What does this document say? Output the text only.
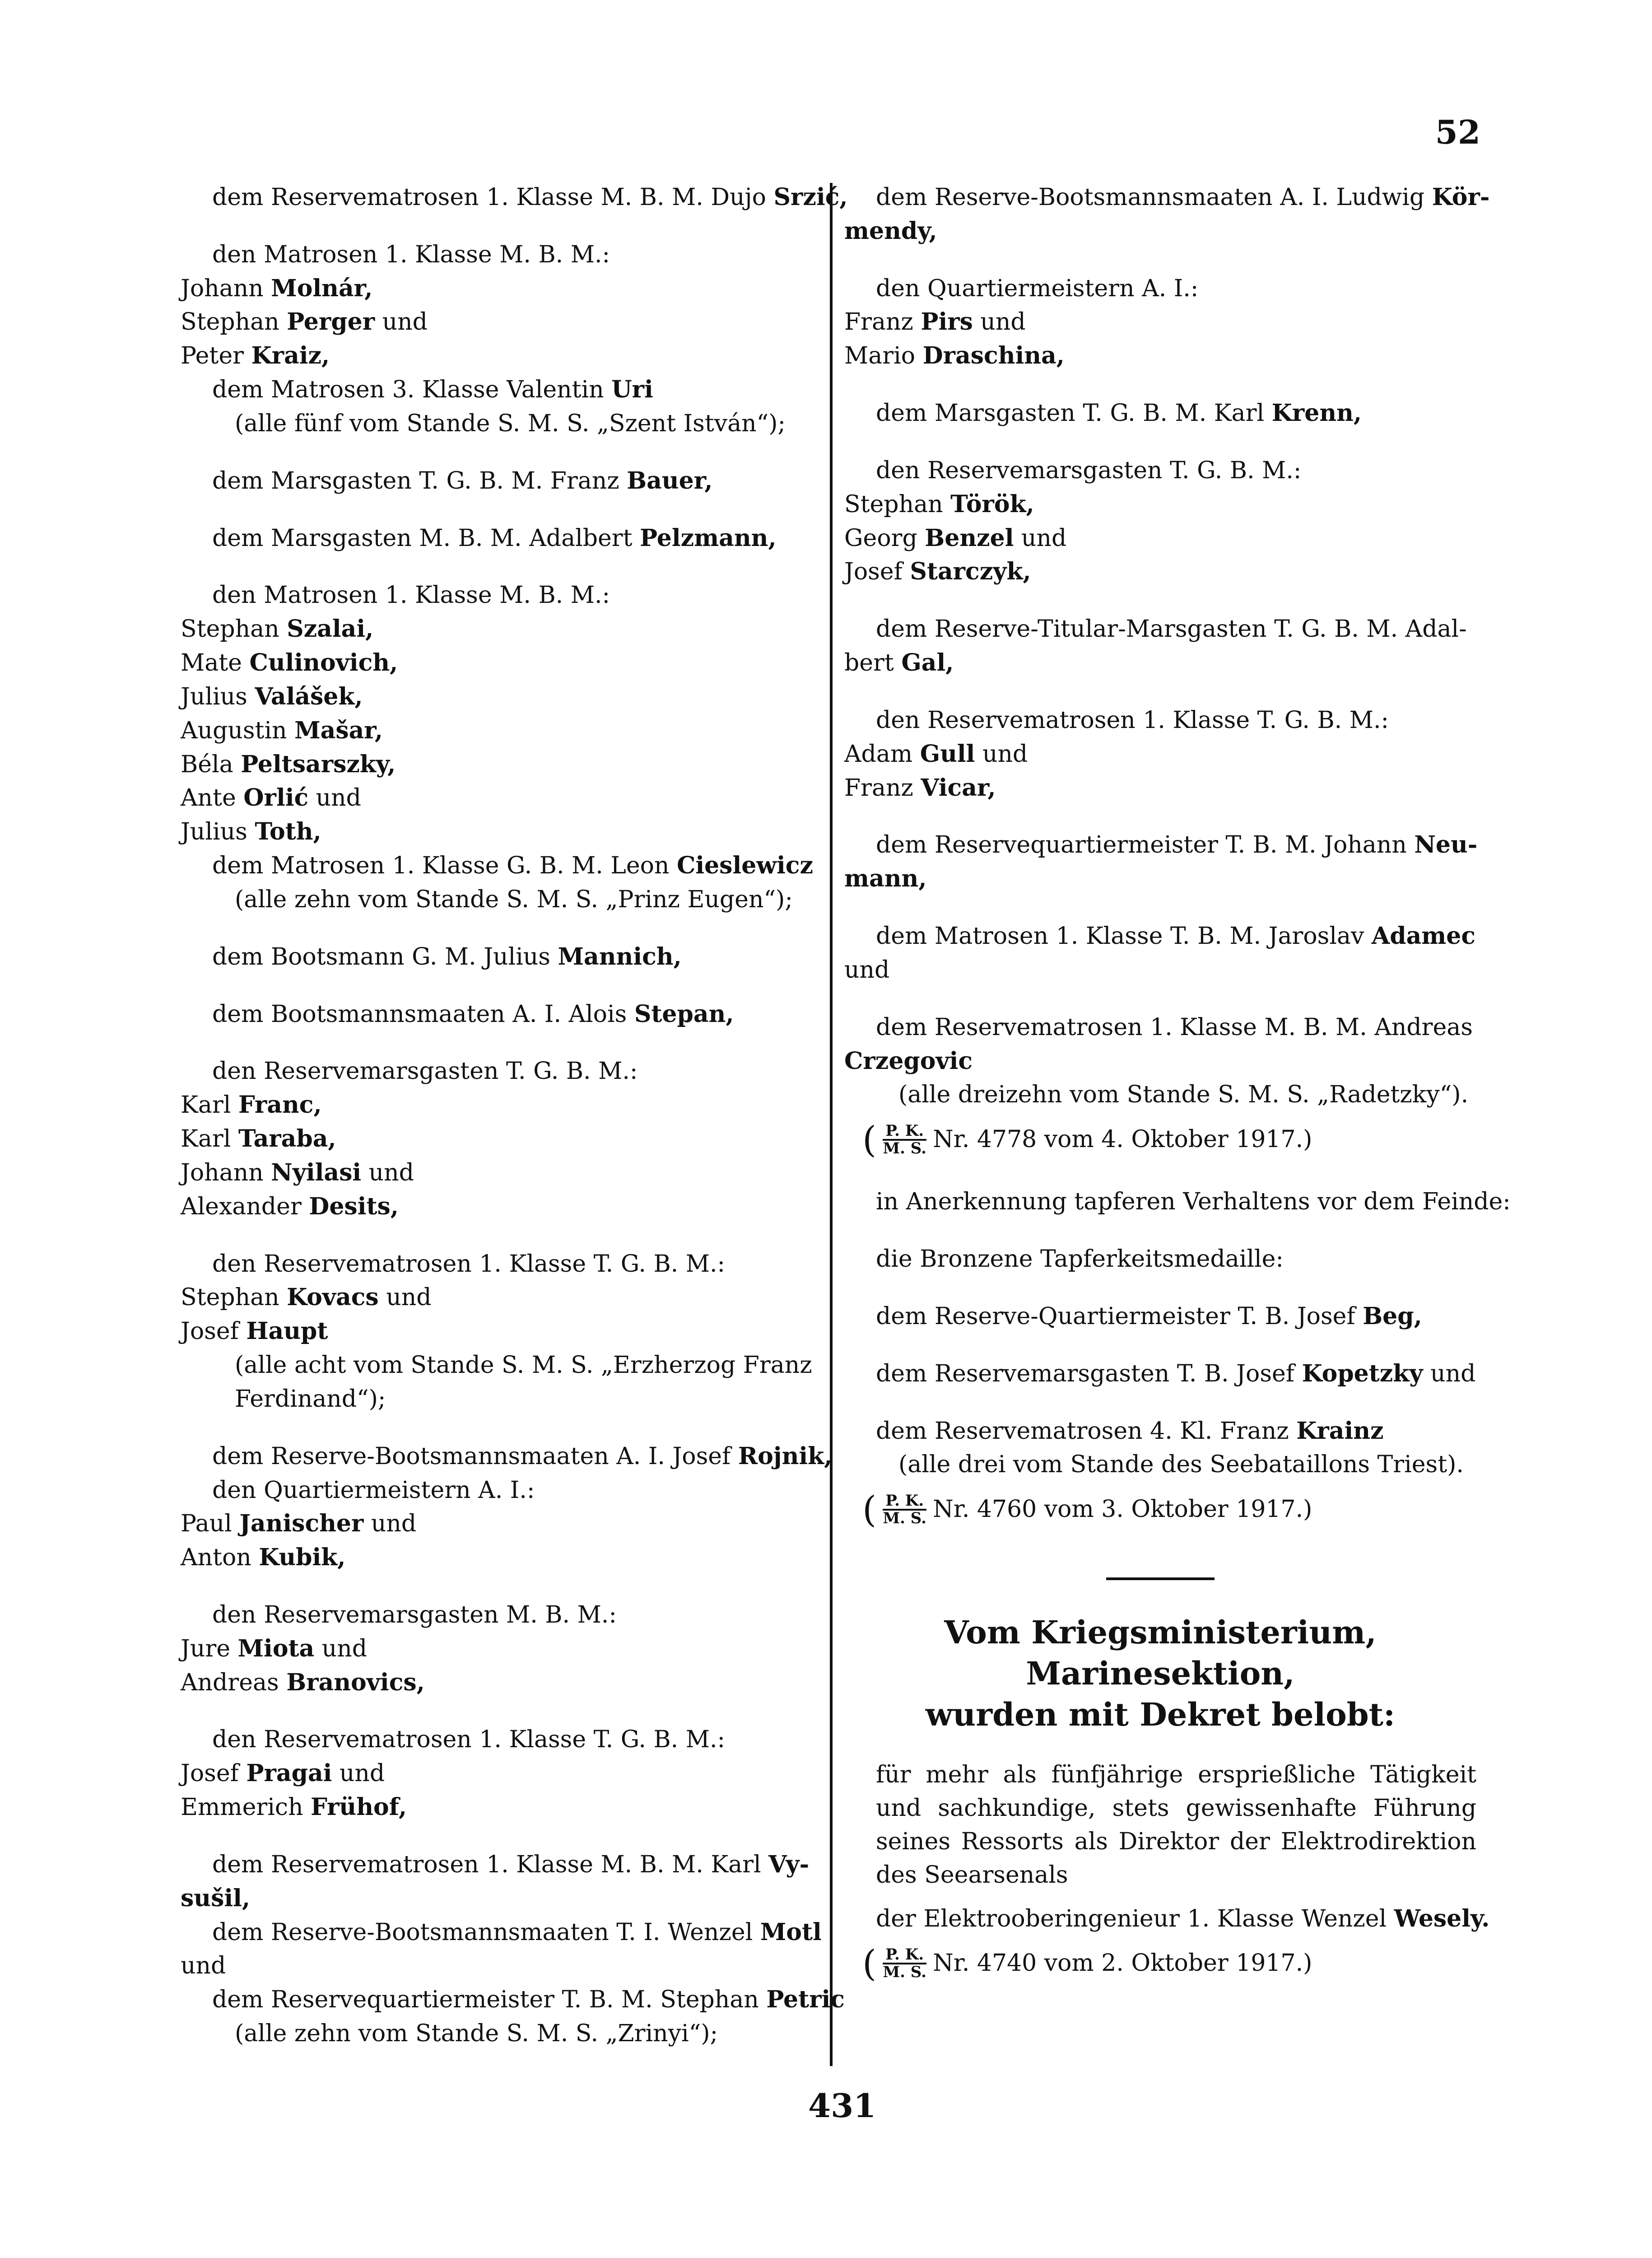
52
dem Reservematrosen 1. Klasse M. B. M. Dujo Srzić,
den Matrosen 1. Klasse M. B. M.:
Johann Molnár,
Stephan Perger und
Peter Kraiz,
dem Matrosen 3. Klasse Valentin Uri
(alle fünf vom Stande S. M. S. „Szent István“);
dem Marsgasten T. G. B. M. Franz Bauer,
dem Marsgasten M. B. M. Adalbert Pelzmann,
den Matrosen 1. Klasse M. B. M.:
Stephan Szalai,
Mate Culinovich,
Julius Valášek,
Augustin Mašar,
Béla Peltsarszky,
Ante Orlić und
Julius Toth,
dem Matrosen 1. Klasse G. B. M. Leon Cieslewicz
(alle zehn vom Stande S. M. S. „Prinz Eugen“);
dem Bootsmann G. M. Julius Mannich,
dem Bootsmannsmaaten A. I. Alois Stepan,
den Reservemarsgasten T. G. B. M.:
Karl Franc,
Karl Taraba,
Johann Nyilasi und
Alexander Desits,
den Reservematrosen 1. Klasse T. G. B. M.:
Stephan Kovacs und
Josef Haupt
(alle acht vom Stande S. M. S. „Erzherzog Franz
Ferdinand“);
dem Reserve-Bootsmannsmaaten A. I. Josef Rojnik,
den Quartiermeistern A. I.:
Paul Janischer und
Anton Kubik,
den Reservemarsgasten M. B. M.:
Jure Miota und
Andreas Branovics,
den Reservematrosen 1. Klasse T. G. B. M.:
Josef Pragai und
Emmerich Frühof,
dem Reservematrosen 1. Klasse M. B. M. Karl Vy-
sušil,
dem Reserve-Bootsmannsmaaten T. I. Wenzel Motl
und
dem Reservequartiermeister T. B. M. Stephan Petric
(alle zehn vom Stande S. M. S. „Zrinyi“);
dem Reserve-Bootsmannsmaaten A. I. Ludwig Kör-
mendy,
den Quartiermeistern A. I.:
Franz Pirs und
Mario Draschina,
dem Marsgasten T. G. B. M. Karl Krenn,
den Reservemarsgasten T. G. B. M.:
Stephan Török,
Georg Benzel und
Josef Starczyk,
dem Reserve-Titular-Marsgasten T. G. B. M. Adal-
bert Gal,
den Reservematrosen 1. Klasse T. G. B. M.:
Adam Gull und
Franz Vicar,
dem Reservequartiermeister T. B. M. Johann Neu-
mann,
dem Matrosen 1. Klasse T. B. M. Jaroslav Adamec
und
dem Reservematrosen 1. Klasse M. B. M. Andreas
Crzegovic
(alle dreizehn vom Stande S. M. S. „Radetzky“).
( $\frac{P. K.}{M. S.} Nr$. 4778 vom 4. Oktober 1917.)
in Anerkennung tapferen Verhaltens vor dem Feinde:
die Bronzene Tapferkeitsmedaille:
dem Reserve-Quartiermeister T. B. Josef Beg,
dem Reservemarsgasten T. B. Josef Kopetzky und
dem Reservematrosen 4. Kl. Franz Krainz
(alle drei vom Stande des Seebataillons Triest).
( $\frac{P. K.}{M. S.} Nr$. 4760 vom 3. Oktober 1917.)
Vom Kriegsministerium, Marinesektion,
wurden mit Dekret belobt:
für mehr als fünfjährige ersprießliche Tätigkeit und sachkundige, stets gewissenhafte Führung seines Ressorts als Direktor der Elektrodirektion des Seearsenals
der Elektrooberingenieur 1. Klasse Wenzel Wesely.
( $\frac{P. K.}{M. S.} Nr$. 4740 vom 2. Oktober 1917.)
431
